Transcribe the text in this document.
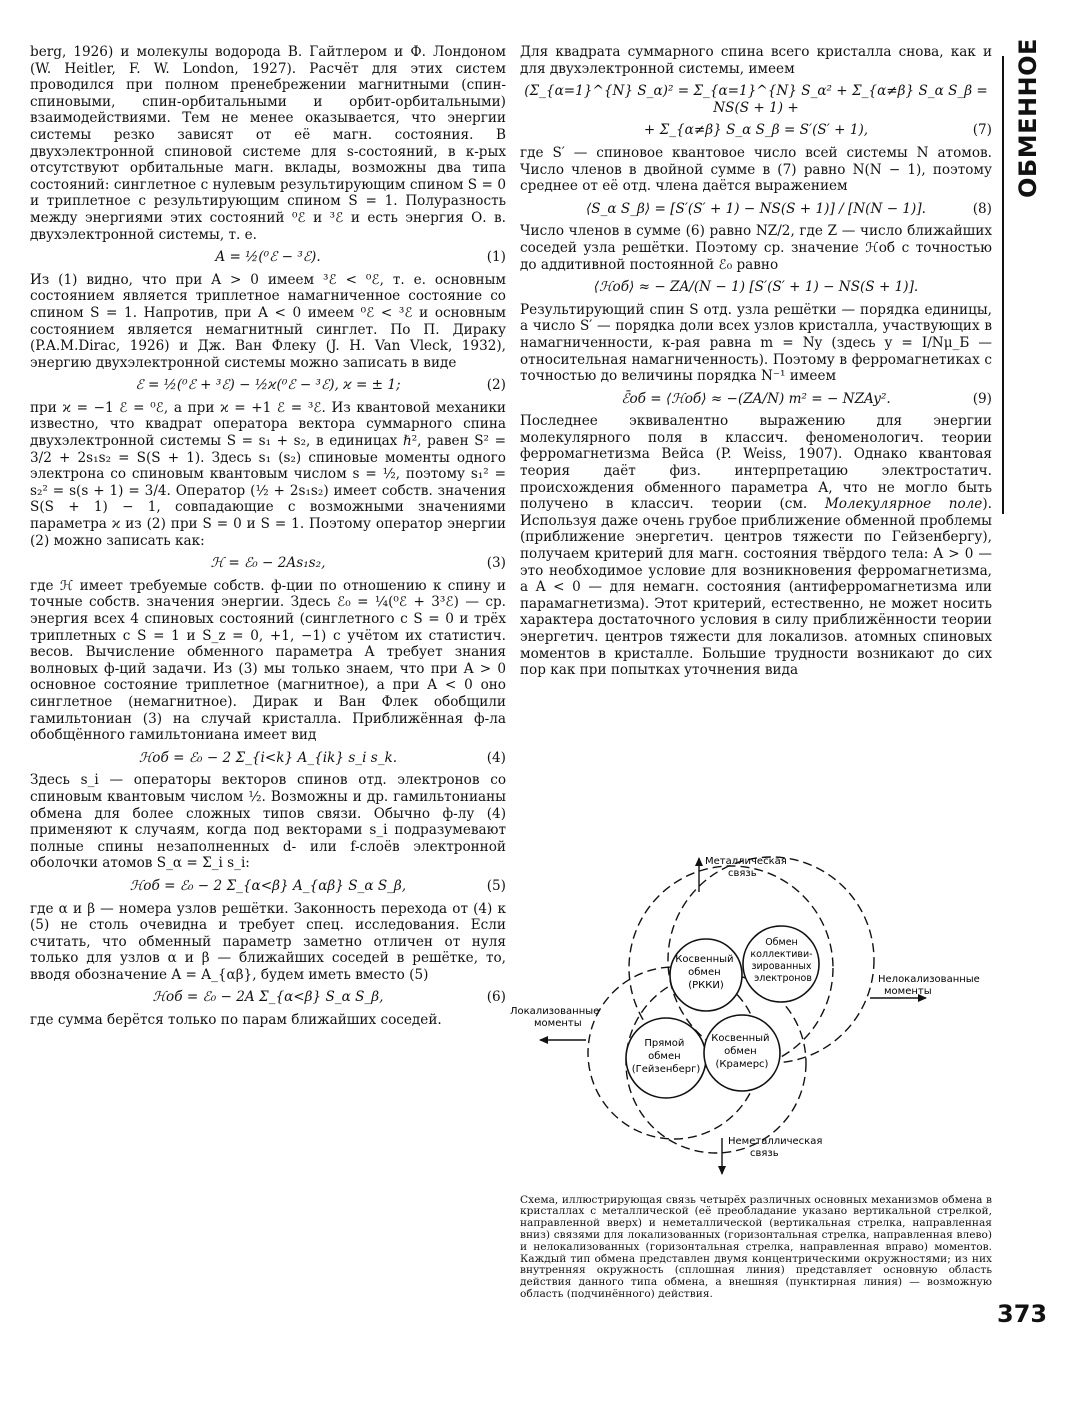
berg, 1926) и молекулы водорода В. Гайтлером и Ф. Лондоном (W. Heitler, F. W. London, 1927). Расчёт для этих систем проводился при полном пренебрежении магнитными (спин-спиновыми, спин-орбитальными и орбит-орбитальными) взаимодействиями. Тем не менее оказывается, что энергии системы резко зависят от её магн. состояния. В двухэлектронной спиновой системе для s-состояний, в к-рых отсутствуют орбитальные магн. вклады, возможны два типа состояний: синглетное с нулевым результирующим спином S = 0 и триплетное с результирующим спином S = 1. Полуразность между энергиями этих состояний ⁰ℰ и ³ℰ и есть энергия О. в. двухэлектронной системы, т. е.

A = ½(⁰ℰ − ³ℰ).	(1)

Из (1) видно, что при A > 0 имеем ³ℰ < ⁰ℰ, т. е. основным состоянием является триплетное намагниченное состояние со спином S = 1. Напротив, при A < 0 имеем ⁰ℰ < ³ℰ и основным состоянием является немагнитный синглет. По П. Дираку (P.A.M.Dirac, 1926) и Дж. Ван Флеку (J. H. Van Vleck, 1932), энергию двухэлектронной системы можно записать в виде

ℰ = ½(⁰ℰ + ³ℰ) − ½ϰ(⁰ℰ − ³ℰ), ϰ = ± 1;	(2)

при ϰ = −1 ℰ = ⁰ℰ, а при ϰ = +1 ℰ = ³ℰ. Из квантовой механики известно, что квадрат оператора вектора суммарного спина двухэлектронной системы S = s₁ + s₂, в единицах ℏ², равен S² = 3/2 + 2s₁s₂ = S(S + 1). Здесь s₁ (s₂) спиновые моменты одного электрона со спиновым квантовым числом s = ½, поэтому s₁² = s₂² = s(s + 1) = 3/4. Оператор (½ + 2s₁s₂) имеет собств. значения S(S + 1) − 1, совпадающие с возможными значениями параметра ϰ из (2) при S = 0 и S = 1. Поэтому оператор энергии (2) можно записать как:

ℋ = ℰ₀ − 2As₁s₂,	(3)

где ℋ имеет требуемые собств. ф-ции по отношению к спину и точные собств. значения энергии. Здесь ℰ₀ = ¼(⁰ℰ + 3³ℰ) — ср. энергия всех 4 спиновых состояний (синглетного с S = 0 и трёх триплетных с S = 1 и S_z = 0, +1, −1) с учётом их статистич. весов. Вычисление обменного параметра A требует знания волновых ф-ций задачи. Из (3) мы только знаем, что при A > 0 основное состояние триплетное (магнитное), а при A < 0 оно синглетное (немагнитное). Дирак и Ван Флек обобщили гамильтониан (3) на случай кристалла. Приближённая ф-ла обобщённого гамильтониана имеет вид

ℋоб = ℰ₀ − 2 Σ_{i<k} A_{ik} s_i s_k.	(4)

Здесь s_i — операторы векторов спинов отд. электронов со спиновым квантовым числом ½. Возможны и др. гамильтонианы обмена для более сложных типов связи. Обычно ф-лу (4) применяют к случаям, когда под векторами s_i подразумевают полные спины незаполненных d- или f-слоёв электронной оболочки атомов S_α = Σ_i s_i:

ℋоб = ℰ₀ − 2 Σ_{α<β} A_{αβ} S_α S_β,	(5)

где α и β — номера узлов решётки. Законность перехода от (4) к (5) не столь очевидна и требует спец. исследования. Если считать, что обменный параметр заметно отличен от нуля только для узлов α и β — ближайших соседей в решётке, то, вводя обозначение A = A_{αβ}, будем иметь вместо (5)

ℋоб = ℰ₀ − 2A Σ_{α<β} S_α S_β,	(6)

где сумма берётся только по парам ближайших соседей.

Для квадрата суммарного спина всего кристалла снова, как и для двухэлектронной системы, имеем

(Σ_{α=1}^{N} S_α)² = Σ_{α=1}^{N} S_α² + Σ_{α≠β} S_α S_β = NS(S + 1) +
+ Σ_{α≠β} S_α S_β = S′(S′ + 1),	(7)

где S′ — спиновое квантовое число всей системы N атомов. Число членов в двойной сумме в (7) равно N(N − 1), поэтому среднее от её отд. члена даётся выражением

⟨S_α S_β⟩ = [S′(S′ + 1) − NS(S + 1)] / [N(N − 1)].	(8)

Число членов в сумме (6) равно NZ/2, где Z — число ближайших соседей узла решётки. Поэтому ср. значение ℋоб с точностью до аддитивной постоянной ℰ₀ равно

⟨ℋоб⟩ ≈ − ZA/(N − 1) [S′(S′ + 1) − NS(S + 1)].

Результирующий спин S отд. узла решётки — порядка единицы, а число S′ — порядка доли всех узлов кристалла, участвующих в намагниченности, к-рая равна m = Ny (здесь y = I/Nμ_Б — относительная намагниченность). Поэтому в ферромагнетиках с точностью до величины порядка N⁻¹ имеем

ℰ̄об = ⟨ℋоб⟩ ≈ −(ZA/N) m² = − NZAy².	(9)

Последнее эквивалентно выражению для энергии молекулярного поля в классич. феноменологич. теории ферромагнетизма Вейса (P. Weiss, 1907). Однако квантовая теория даёт физ. интерпретацию электростатич. происхождения обменного параметра A, что не могло быть получено в классич. теории (см. Молекулярное поле). Используя даже очень грубое приближение обменной проблемы (приближение энергетич. центров тяжести по Гейзенбергу), получаем критерий для магн. состояния твёрдого тела: A > 0 — это необходимое условие для возникновения ферромагнетизма, а A < 0 — для немагн. состояния (антиферромагнетизма или парамагнетизма). Этот критерий, естественно, не может носить характера достаточного условия в силу приближённости теории энергетич. центров тяжести для локализов. атомных спиновых моментов в кристалле. Большие трудности возникают до сих пор как при попытках уточнения вида

ОБМЕННОЕ
Косвенный обмен (РККИ)
Обмен коллективи- зированных электронов
Прямой обмен (Гейзенберг)
Косвенный обмен (Крамерс)
Металлическая связь
Неметаллическая связь
Нелокализованные моменты
Локализованные моменты

Схема, иллюстрирующая связь четырёх различных основных механизмов обмена в кристаллах с металлической (её преобладание указано вертикальной стрелкой, направленной вверх) и неметаллической (вертикальная стрелка, направленная вниз) связями для локализованных (горизонтальная стрелка, направленная влево) и нелокализованных (горизонтальная стрелка, направленная вправо) моментов. Каждый тип обмена представлен двумя концентрическими окружностями; из них внутренняя окружность (сплошная линия) представляет основную область действия данного типа обмена, а внешняя (пунктирная линия) — возможную область (подчинённого) действия.

373
